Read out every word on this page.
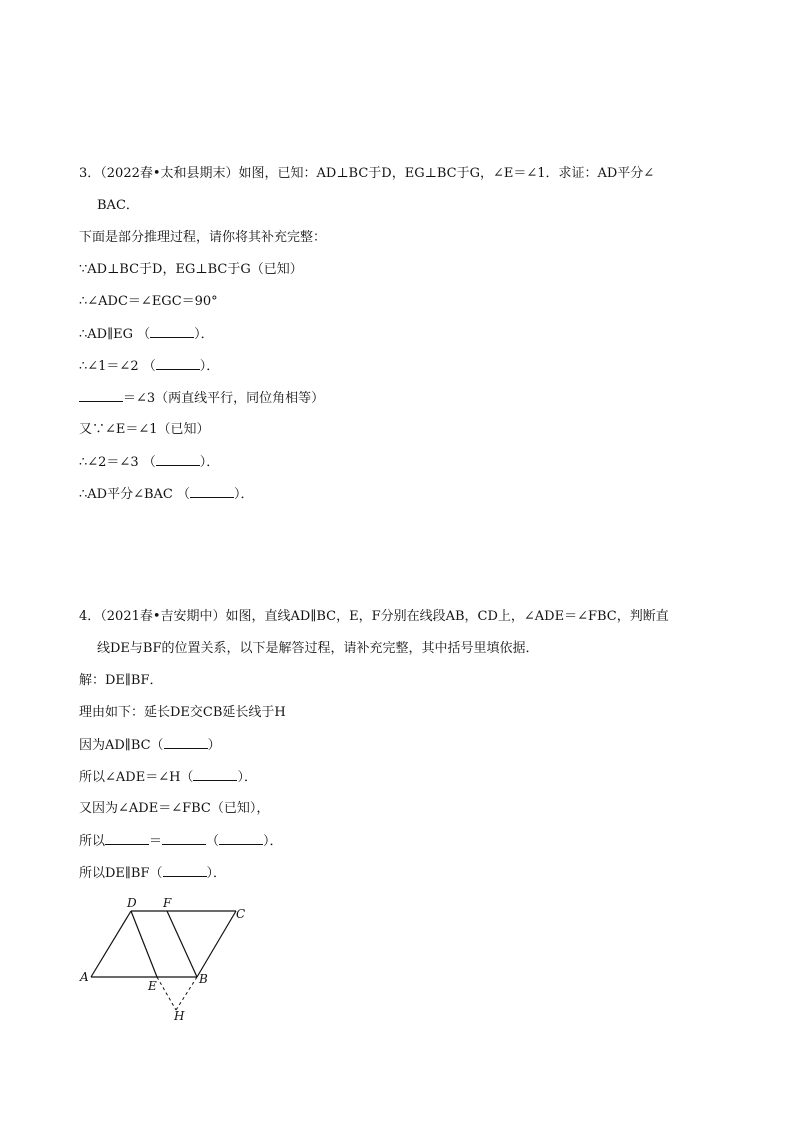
3．（2022春•太和县期末）如图，已知：AD⊥BC于D，EG⊥BC于G，∠E＝∠1．求证：AD平分∠
BAC．
下面是部分推理过程，请你将其补充完整：
∵AD⊥BC于D，EG⊥BC于G（已知）
∴∠ADC＝∠EGC＝90°
∴AD∥EG （	）．
∴∠1＝∠2 （	）．
＝∠3（两直线平行，同位角相等）
又∵∠E＝∠1（已知）
∴∠2＝∠3 （	）．
∴AD平分∠BAC （	）．
4．（2021春•吉安期中）如图，直线AD∥BC，E，F分别在线段AB，CD上，∠ADE＝∠FBC，判断直
线DE与BF的位置关系，以下是解答过程，请补充完整，其中括号里填依据．
解：DE∥BF．
理由如下：延长DE交CB延长线于H
因为AD∥BC（	）
所以∠ADE＝∠H（	）．
又因为∠ADE＝∠FBC（已知），
所以	＝	（	）．
所以DE∥BF（	）．
D F
C
A
E	B
H
